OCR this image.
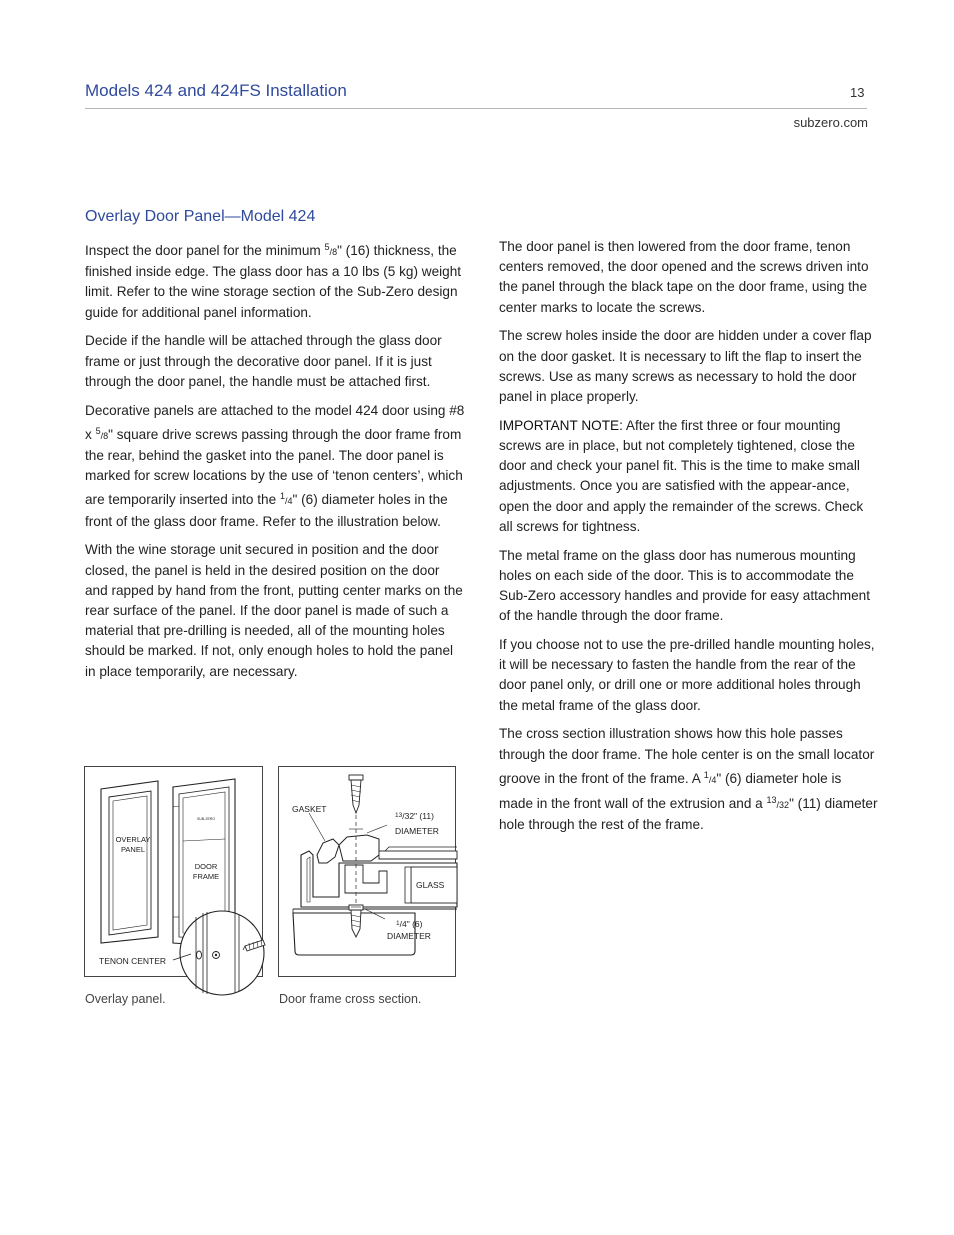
Models 424 and 424FS Installation	13
subzero.com
Overlay Door Panel—Model 424

Inspect the door panel for the minimum $^5$/8" (16) thickness, the finished inside edge. The glass door has a 10 lbs (5 kg) weight limit. Refer to the wine storage section of the Sub-Zero design guide for additional panel information.

Decide if the handle will be attached through the glass door frame or just through the decorative door panel. If it is just through the door panel, the handle must be attached first.

Decorative panels are attached to the model 424 door using #8 x $^5$/8" square drive screws passing through the door frame from the rear, behind the gasket into the panel. The door panel is marked for screw locations by the use of ‘tenon centers’, which are temporarily inserted into the $^1$/4" (6) diameter holes in the front of the glass door frame. Refer to the illustration below.

With the wine storage unit secured in position and the door closed, the panel is held in the desired position on the door and rapped by hand from the front, putting center marks on the rear surface of the panel. If the door panel is made of such a material that pre-drilling is needed, all of the mounting holes should be marked. If not, only enough holes to hold the panel in place temporarily, are necessary.

The door panel is then lowered from the door frame, tenon centers removed, the door opened and the screws driven into the panel through the black tape on the door frame, using the center marks to locate the screws.

The screw holes inside the door are hidden under a cover flap on the door gasket. It is necessary to lift the flap to insert the screws. Use as many screws as necessary to hold the door panel in place properly.

IMPORTANT NOTE: After the first three or four mounting screws are in place, but not completely tightened, close the door and check your panel fit. This is the time to make small adjustments. Once you are satisfied with the appear-ance, open the door and apply the remainder of the screws. Check all screws for tightness.

The metal frame on the glass door has numerous mounting holes on each side of the door. This is to accommodate the Sub-Zero accessory handles and provide for easy attachment of the handle through the door frame.

If you choose not to use the pre-drilled handle mounting holes, it will be necessary to fasten the handle from the rear of the door panel only, or drill one or more additional holes through the metal frame of the glass door.

The cross section illustration shows how this hole passes through the door frame. The hole center is on the small locator groove in the front of the frame. A $^1$/4" (6) diameter hole is made in the front wall of the extrusion and a $^{13}$/32" (11) diameter hole through the rest of the frame.

OVERLAY
PANEL
SUB-ZERO
DOOR
FRAME
TENON CENTER
GLASS
GASKET
$^{13}$/32" (11)
DIAMETER
$^1$/4" (6)
DIAMETER
Overlay panel.	Door frame cross section.
